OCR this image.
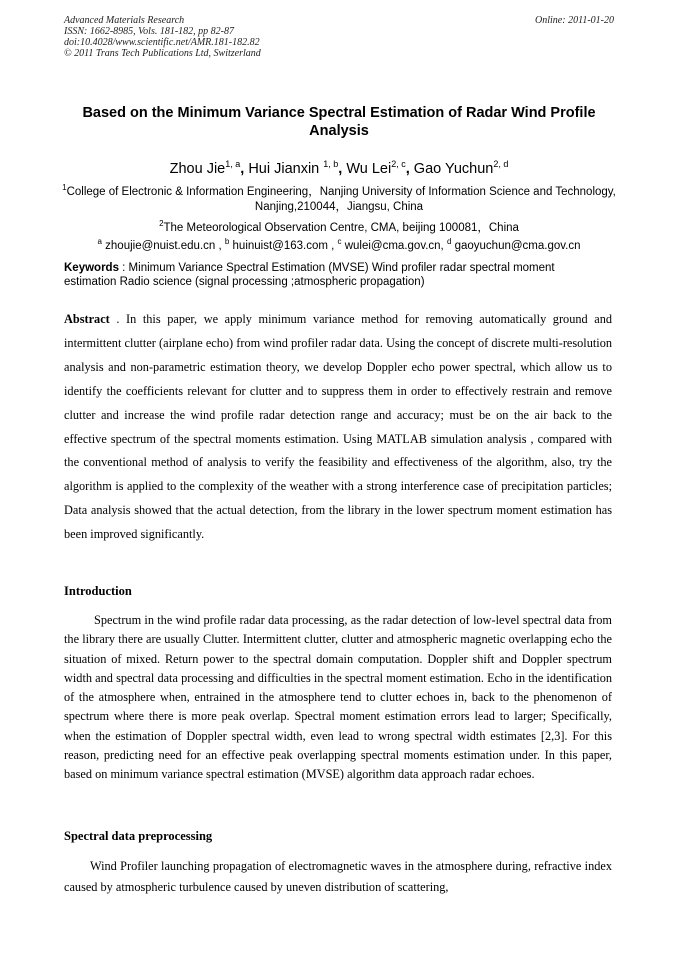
Advanced Materials Research
ISSN: 1662-8985, Vols. 181-182, pp 82-87
doi:10.4028/www.scientific.net/AMR.181-182.82
© 2011 Trans Tech Publications Ltd, Switzerland
Online: 2011-01-20
Based on the Minimum Variance Spectral Estimation of Radar Wind Profile Analysis
Zhou Jie$^{1, a}$, Hui Jianxin $^{1, b}$, Wu Lei$^{2, c}$, Gao Yuchun$^{2, d}$
$^1$College of Electronic & Information Engineering，Nanjing University of Information Science and Technology, Nanjing,210044，Jiangsu, China
$^2$The Meteorological Observation Centre, CMA, beijing 100081，China
$^a$ zhoujie@nuist.edu.cn , $^b$ huinuist@163.com , $^c$ wulei@cma.gov.cn, $^d$ gaoyuchun@cma.gov.cn
Keywords : Minimum Variance Spectral Estimation (MVSE) Wind profiler radar spectral moment estimation Radio science (signal processing ;atmospheric propagation)
Abstract . In this paper, we apply minimum variance method for removing automatically ground and intermittent clutter (airplane echo) from wind profiler radar data. Using the concept of discrete multi-resolution analysis and non-parametric estimation theory, we develop Doppler echo power spectral, which allow us to identify the coefficients relevant for clutter and to suppress them in order to effectively restrain and remove clutter and increase the wind profile radar detection range and accuracy; must be on the air back to the effective spectrum of the spectral moments estimation. Using MATLAB simulation analysis , compared with the conventional method of analysis to verify the feasibility and effectiveness of the algorithm, also, try the algorithm is applied to the complexity of the weather with a strong interference case of precipitation particles; Data analysis showed that the actual detection, from the library in the lower spectrum moment estimation has been improved significantly.
Introduction
Spectrum in the wind profile radar data processing, as the radar detection of low-level spectral data from the library there are usually Clutter. Intermittent clutter, clutter and atmospheric magnetic overlapping echo the situation of mixed. Return power to the spectral domain computation. Doppler shift and Doppler spectrum width and spectral data processing and difficulties in the spectral moment estimation. Echo in the identification of the atmosphere when, entrained in the atmosphere tend to clutter echoes in, back to the phenomenon of spectrum where there is more peak overlap. Spectral moment estimation errors lead to larger; Specifically, when the estimation of Doppler spectral width, even lead to wrong spectral width estimates [2,3]. For this reason, predicting need for an effective peak overlapping spectral moments estimation under. In this paper, based on minimum variance spectral estimation (MVSE) algorithm data approach radar echoes.
Spectral data preprocessing
Wind Profiler launching propagation of electromagnetic waves in the atmosphere during, refractive index caused by atmospheric turbulence caused by uneven distribution of scattering,
